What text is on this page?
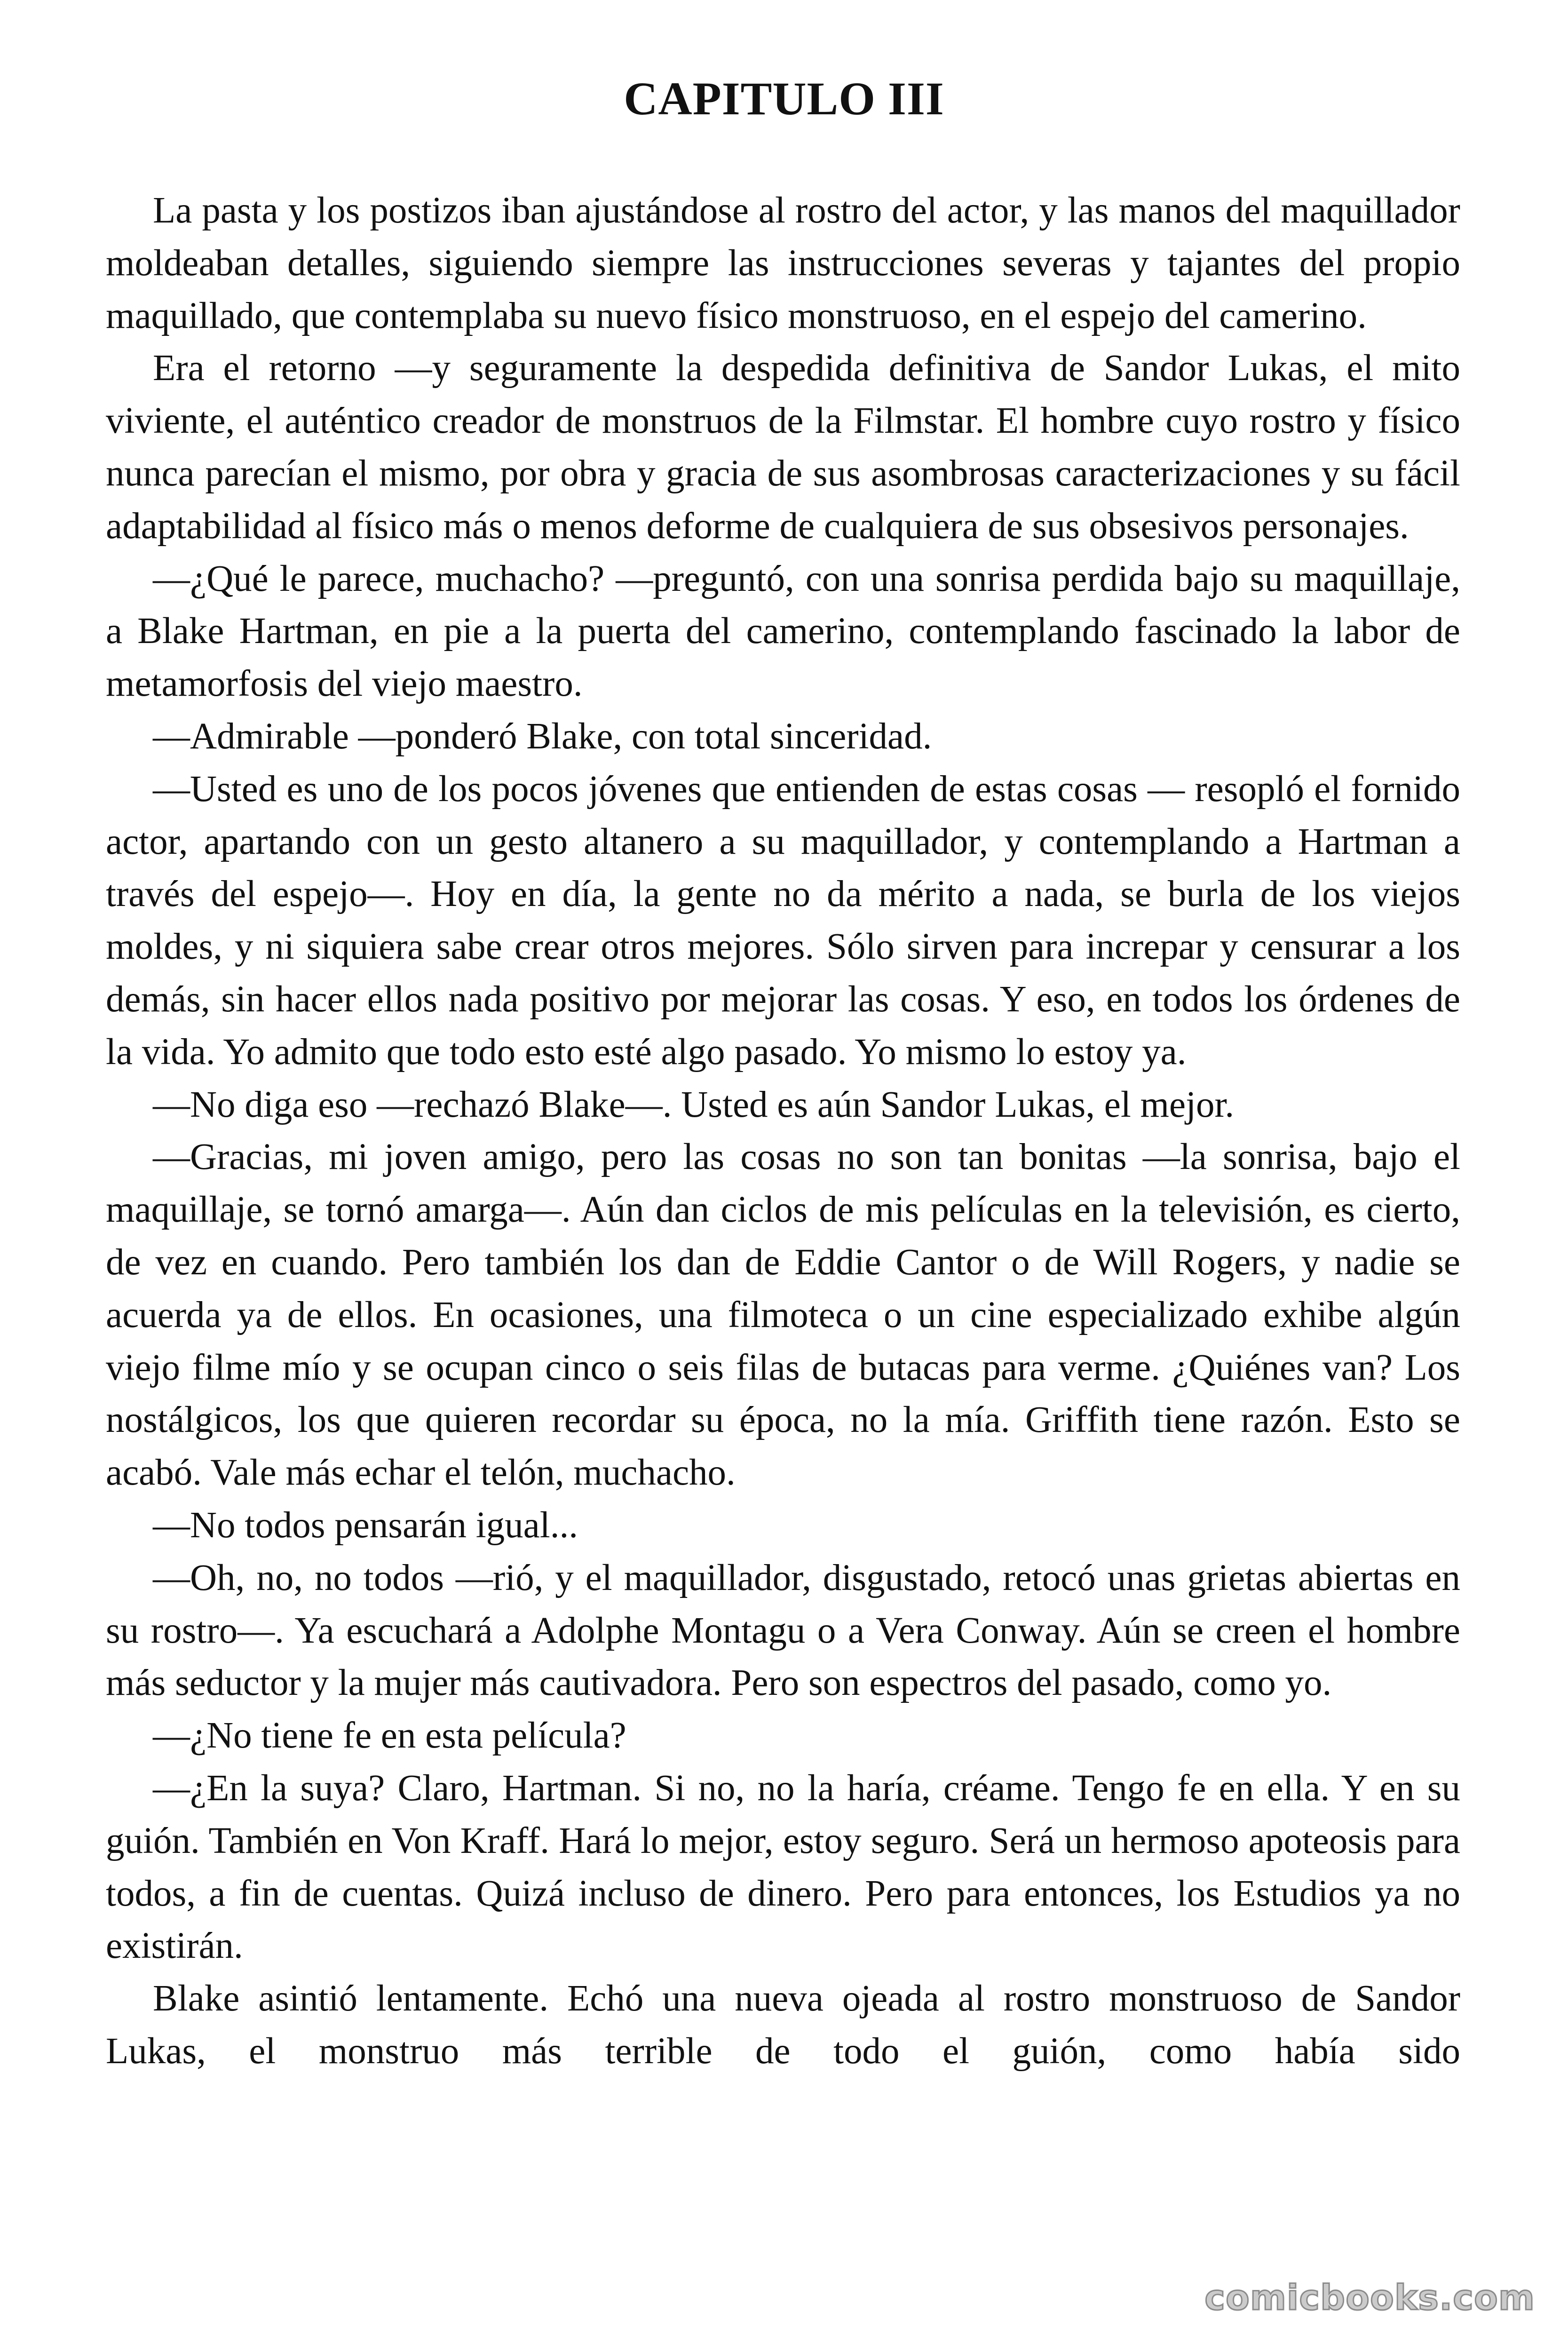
CAPITULO III

La pasta y los postizos iban ajustándose al rostro del actor, y las manos del maquillador moldeaban detalles, siguiendo siempre las instrucciones severas y tajantes del propio maquillado, que contemplaba su nuevo físico monstruoso, en el espejo del camerino.

Era el retorno —y seguramente la despedida definitiva de Sandor Lukas, el mito viviente, el auténtico creador de monstruos de la Filmstar. El hombre cuyo rostro y físico nunca parecían el mismo, por obra y gracia de sus asombrosas caracterizaciones y su fácil adaptabilidad al físico más o menos deforme de cualquiera de sus obsesivos personajes.

—¿Qué le parece, muchacho? —preguntó, con una sonrisa perdida bajo su maquillaje, a Blake Hartman, en pie a la puerta del camerino, contemplando fascinado la labor de metamorfosis del viejo maestro.

—Admirable —ponderó Blake, con total sinceridad.

—Usted es uno de los pocos jóvenes que entienden de estas cosas — resopló el fornido actor, apartando con un gesto altanero a su maquillador, y contemplando a Hartman a través del espejo—. Hoy en día, la gente no da mérito a nada, se burla de los viejos moldes, y ni siquiera sabe crear otros mejores. Sólo sirven para increpar y censurar a los demás, sin hacer ellos nada positivo por mejorar las cosas. Y eso, en todos los órdenes de la vida. Yo admito que todo esto esté algo pasado. Yo mismo lo estoy ya.

—No diga eso —rechazó Blake—. Usted es aún Sandor Lukas, el mejor.

—Gracias, mi joven amigo, pero las cosas no son tan bonitas —la sonrisa, bajo el maquillaje, se tornó amarga—. Aún dan ciclos de mis películas en la televisión, es cierto, de vez en cuando. Pero también los dan de Eddie Cantor o de Will Rogers, y nadie se acuerda ya de ellos. En ocasiones, una filmoteca o un cine especializado exhibe algún viejo filme mío y se ocupan cinco o seis filas de butacas para verme. ¿Quiénes van? Los nostálgicos, los que quieren recordar su época, no la mía. Griffith tiene razón. Esto se acabó. Vale más echar el telón, muchacho.

—No todos pensarán igual...

—Oh, no, no todos —rió, y el maquillador, disgustado, retocó unas grietas abiertas en su rostro—. Ya escuchará a Adolphe Montagu o a Vera Conway. Aún se creen el hombre más seductor y la mujer más cautivadora. Pero son espectros del pasado, como yo.

—¿No tiene fe en esta película?

—¿En la suya? Claro, Hartman. Si no, no la haría, créame. Tengo fe en ella. Y en su guión. También en Von Kraff. Hará lo mejor, estoy seguro. Será un hermoso apoteosis para todos, a fin de cuentas. Quizá incluso de dinero. Pero para entonces, los Estudios ya no existirán.

Blake asintió lentamente. Echó una nueva ojeada al rostro monstruoso de Sandor Lukas, el monstruo más terrible de todo el guión, como había sido

comicbooks.com
